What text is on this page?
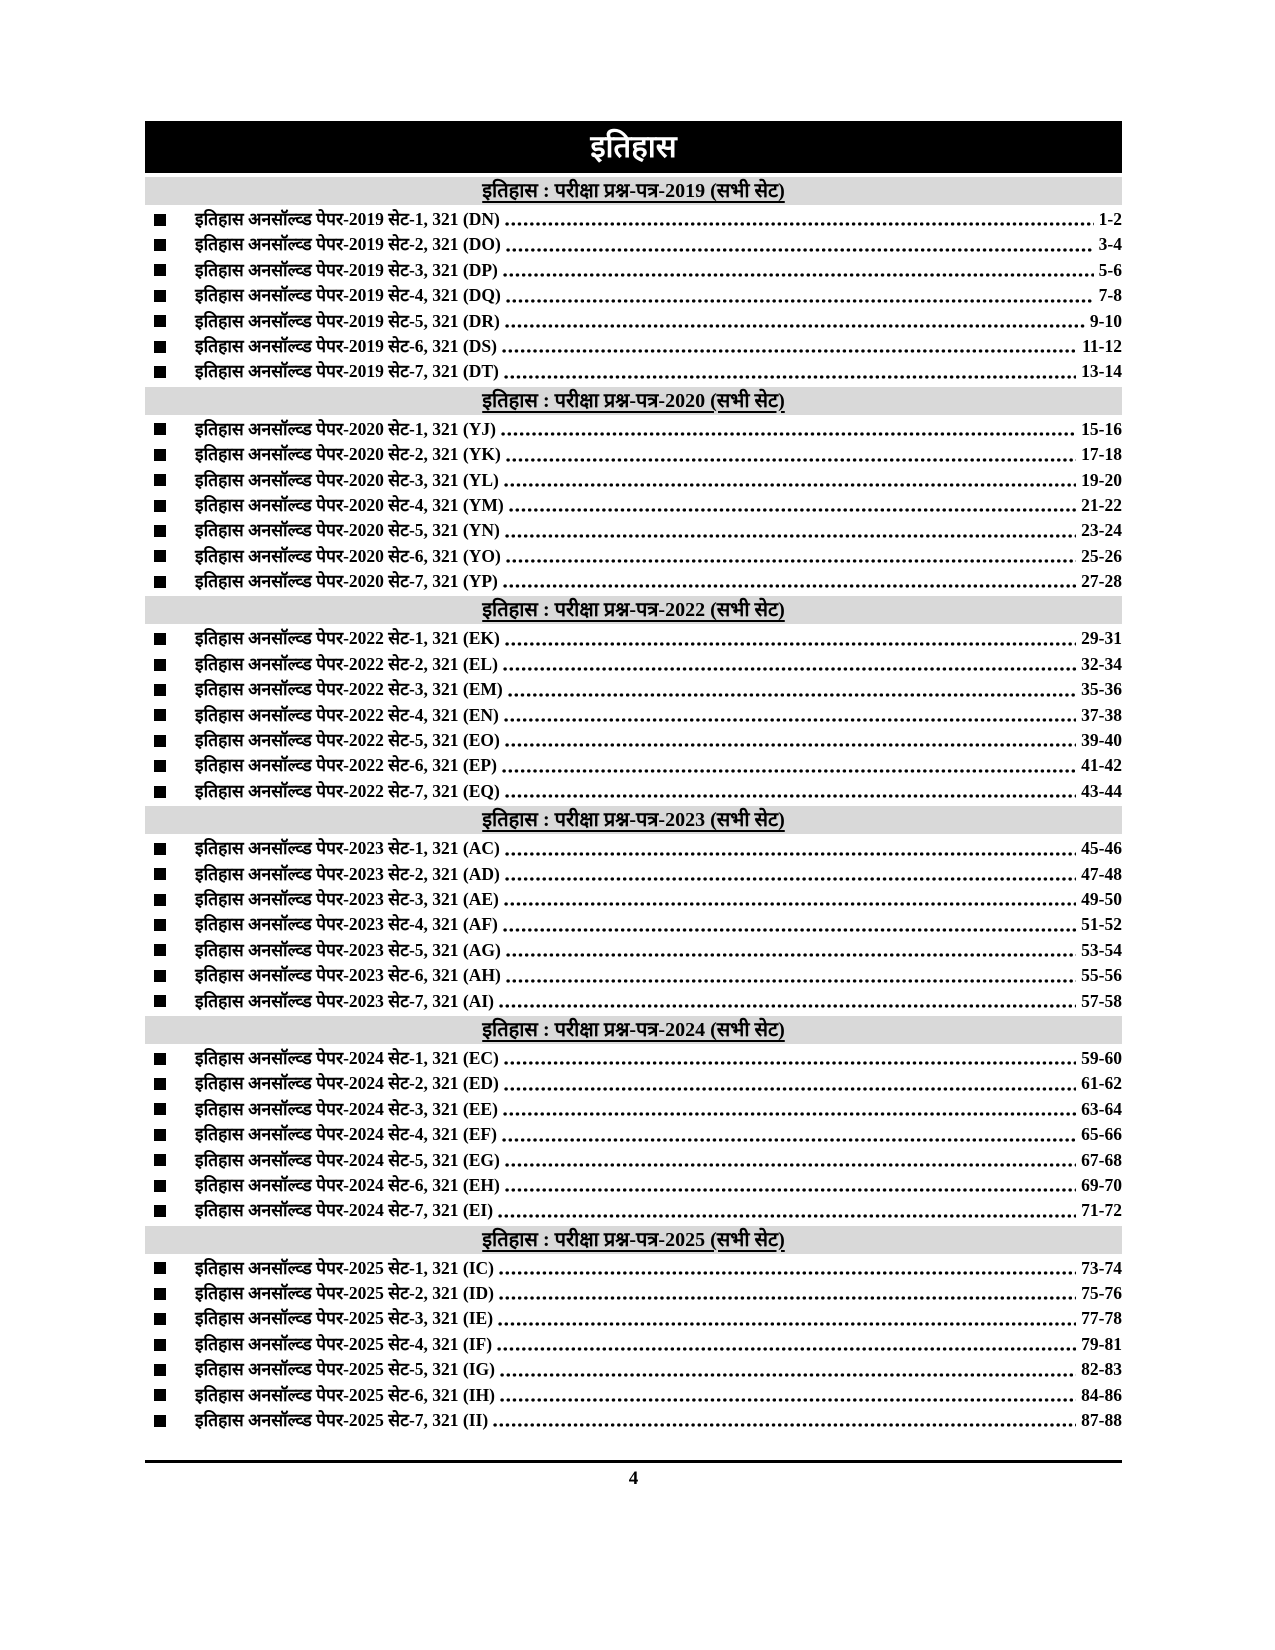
इतिहास
इतिहास : परीक्षा प्रश्न-पत्र-2019 (सभी सेट)
इतिहास अनसॉल्व्ड पेपर-2019 सेट-1, 321 (DN)	1-2
इतिहास अनसॉल्व्ड पेपर-2019 सेट-2, 321 (DO)	3-4
इतिहास अनसॉल्व्ड पेपर-2019 सेट-3, 321 (DP)	5-6
इतिहास अनसॉल्व्ड पेपर-2019 सेट-4, 321 (DQ)	7-8
इतिहास अनसॉल्व्ड पेपर-2019 सेट-5, 321 (DR)	9-10
इतिहास अनसॉल्व्ड पेपर-2019 सेट-6, 321 (DS)	11-12
इतिहास अनसॉल्व्ड पेपर-2019 सेट-7, 321 (DT)	13-14
इतिहास : परीक्षा प्रश्न-पत्र-2020 (सभी सेट)
इतिहास अनसॉल्व्ड पेपर-2020 सेट-1, 321 (YJ)	15-16
इतिहास अनसॉल्व्ड पेपर-2020 सेट-2, 321 (YK)	17-18
इतिहास अनसॉल्व्ड पेपर-2020 सेट-3, 321 (YL)	19-20
इतिहास अनसॉल्व्ड पेपर-2020 सेट-4, 321 (YM)	21-22
इतिहास अनसॉल्व्ड पेपर-2020 सेट-5, 321 (YN)	23-24
इतिहास अनसॉल्व्ड पेपर-2020 सेट-6, 321 (YO)	25-26
इतिहास अनसॉल्व्ड पेपर-2020 सेट-7, 321 (YP)	27-28
इतिहास : परीक्षा प्रश्न-पत्र-2022 (सभी सेट)
इतिहास अनसॉल्व्ड पेपर-2022 सेट-1, 321 (EK)	29-31
इतिहास अनसॉल्व्ड पेपर-2022 सेट-2, 321 (EL)	32-34
इतिहास अनसॉल्व्ड पेपर-2022 सेट-3, 321 (EM)	35-36
इतिहास अनसॉल्व्ड पेपर-2022 सेट-4, 321 (EN)	37-38
इतिहास अनसॉल्व्ड पेपर-2022 सेट-5, 321 (EO)	39-40
इतिहास अनसॉल्व्ड पेपर-2022 सेट-6, 321 (EP)	41-42
इतिहास अनसॉल्व्ड पेपर-2022 सेट-7, 321 (EQ)	43-44
इतिहास : परीक्षा प्रश्न-पत्र-2023 (सभी सेट)
इतिहास अनसॉल्व्ड पेपर-2023 सेट-1, 321 (AC)	45-46
इतिहास अनसॉल्व्ड पेपर-2023 सेट-2, 321 (AD)	47-48
इतिहास अनसॉल्व्ड पेपर-2023 सेट-3, 321 (AE)	49-50
इतिहास अनसॉल्व्ड पेपर-2023 सेट-4, 321 (AF)	51-52
इतिहास अनसॉल्व्ड पेपर-2023 सेट-5, 321 (AG)	53-54
इतिहास अनसॉल्व्ड पेपर-2023 सेट-6, 321 (AH)	55-56
इतिहास अनसॉल्व्ड पेपर-2023 सेट-7, 321 (AI)	57-58
इतिहास : परीक्षा प्रश्न-पत्र-2024 (सभी सेट)
इतिहास अनसॉल्व्ड पेपर-2024 सेट-1, 321 (EC)	59-60
इतिहास अनसॉल्व्ड पेपर-2024 सेट-2, 321 (ED)	61-62
इतिहास अनसॉल्व्ड पेपर-2024 सेट-3, 321 (EE)	63-64
इतिहास अनसॉल्व्ड पेपर-2024 सेट-4, 321 (EF)	65-66
इतिहास अनसॉल्व्ड पेपर-2024 सेट-5, 321 (EG)	67-68
इतिहास अनसॉल्व्ड पेपर-2024 सेट-6, 321 (EH)	69-70
इतिहास अनसॉल्व्ड पेपर-2024 सेट-7, 321 (EI)	71-72
इतिहास : परीक्षा प्रश्न-पत्र-2025 (सभी सेट)
इतिहास अनसॉल्व्ड पेपर-2025 सेट-1, 321 (IC)	73-74
इतिहास अनसॉल्व्ड पेपर-2025 सेट-2, 321 (ID)	75-76
इतिहास अनसॉल्व्ड पेपर-2025 सेट-3, 321 (IE)	77-78
इतिहास अनसॉल्व्ड पेपर-2025 सेट-4, 321 (IF)	79-81
इतिहास अनसॉल्व्ड पेपर-2025 सेट-5, 321 (IG)	82-83
इतिहास अनसॉल्व्ड पेपर-2025 सेट-6, 321 (IH)	84-86
इतिहास अनसॉल्व्ड पेपर-2025 सेट-7, 321 (II)	87-88
4
